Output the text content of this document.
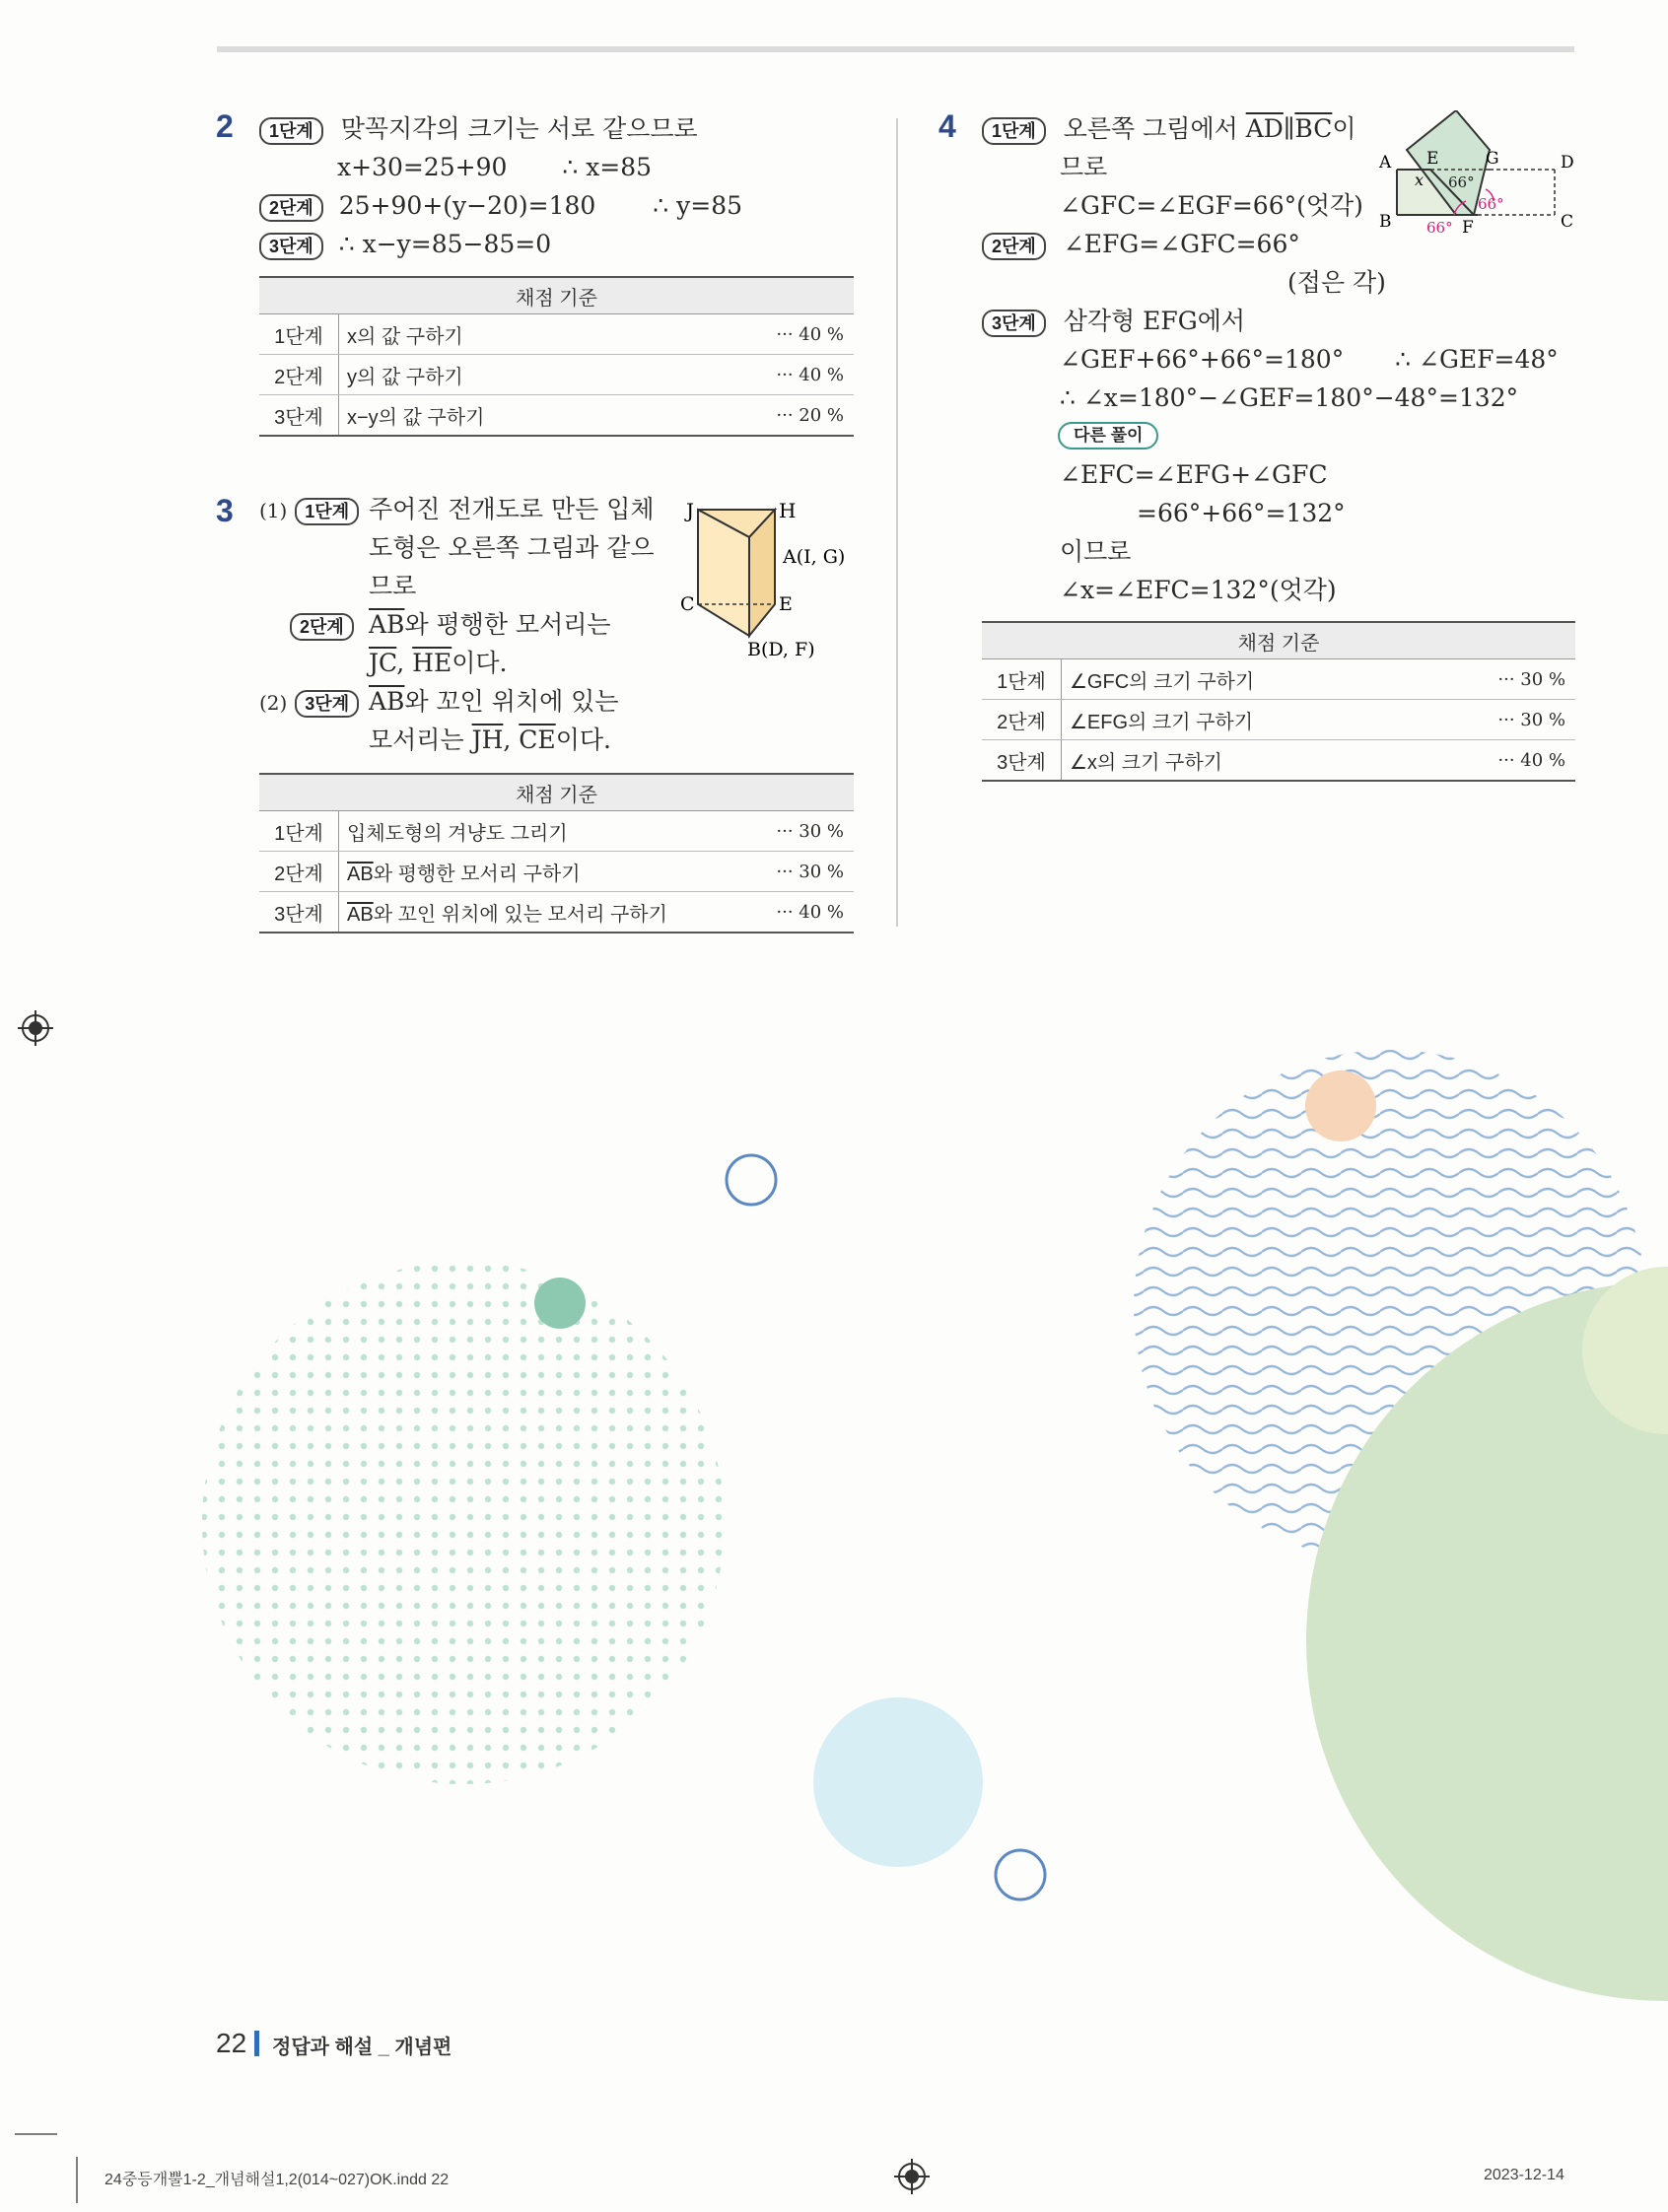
2	1단계 맞꼭지각의 크기는 서로 같으므로
x+30=25+90 ∴ x=85
2단계 25+90+(y−20)=180 ∴ y=85
3단계 ∴ x−y=85−85=0
채점 기준		
1단계	x의 값 구하기	··· 40 %
2단계	y의 값 구하기	··· 40 %
3단계	x−y의 값 구하기	··· 20 %
3 (1) 1단계 주어진 전개도로 만든 입체
도형은 오른쪽 그림과 같으
므로
2단계	$\overline{AB}$와 평행한 모서리는
$\overline{JC}$, $\overline{HE}$이다.
(2) 3단계 $\overline{AB}$와 꼬인 위치에 있는
모서리는 $\overline{JH}$, $\overline{CE}$이다.
J	H
A(I, G)
C	E
B(D, F)
채점 기준		
1단계	입체도형의 겨냥도 그리기	··· 30 %
2단계	$\overline{AB}$와 평행한 모서리 구하기	··· 30 %
3단계	$\overline{AB}$와 꼬인 위치에 있는 모서리 구하기	··· 40 %
4	1단계 오른쪽 그림에서 $\overline{AD}\parallel\overline{BC}$이
므로
∠GFC=∠EGF=66°(엇각)
2단계 ∠EFG=∠GFC=66°
(접은 각)
3단계 삼각형 EFG에서
∠GEF+66°+66°=180° ∴ ∠GEF=48°
∴ ∠x=180°−∠GEF=180°−48°=132°
다른 풀이
∠EFC=∠EFG+∠GFC
=66°+66°=132°
이므로
∠x=∠EFC=132°(엇각)
A E	G	D
B	F	C
x 66°
66°
66°
채점 기준		
1단계	∠GFC의 크기 구하기	··· 30 %
2단계	∠EFG의 크기 구하기	··· 30 %
3단계	∠x의 크기 구하기	··· 40 %
22 정답과 해설 _ 개념편
24중등개뿔1-2_개념해설1,2(014~027)OK.indd 22	2023-12-14
